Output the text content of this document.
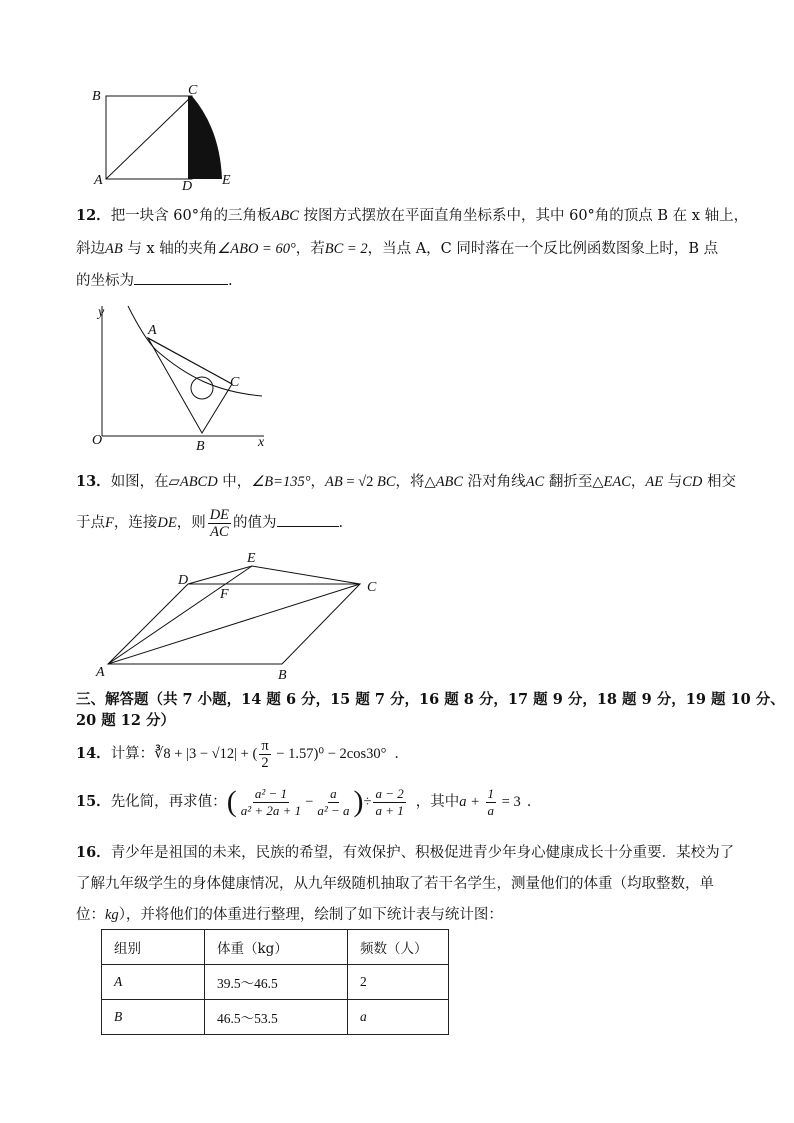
B	C
A	D E
12．把一块含 60°角的三角板ABC 按图方式摆放在平面直角坐标系中，其中 60°角的顶点 B 在 x 轴上，
斜边AB 与 x 轴的夹角∠ABO = 60°，若BC = 2，当点 A，C 同时落在一个反比例函数图象上时，B 点
的坐标为	.
y
A
C
O	B	x
13．如图，在▱ABCD 中，∠B=135°，AB = √2 BC，将△ABC 沿对角线AC 翻折至△EAC，AE 与CD 相交
于点F，连接DE，则 $\frac{DE}{AC}$ 的值为	．
E
D
F	C
A	B
三、解答题（共 7 小题，14 题 6 分，15 题 7 分，16 题 8 分，17 题 9 分，18 题 9 分，19 题 10 分、
20 题 12 分）
14．计算：∛8 + |3 − √12| + ( $\frac{\pi}{2} - 1.57)^0 - 2\cos 30^\circ$ ．
15．先化简，再求值：( $\frac{\text{a² − 1}}{\text{a² + 2a + 1}} - \frac{a}{\text{a² − a}}$ )÷ $\frac{a - 2}{a + 1}$ ，其中$a + \frac{1}{a} = 3$ ．
16．青少年是祖国的未来，民族的希望，有效保护、积极促进青少年身心健康成长十分重要．某校为了
了解九年级学生的身体健康情况，从九年级随机抽取了若干名学生，测量他们的体重（均取整数，单
位：kg），并将他们的体重进行整理，绘制了如下统计表与统计图：
组别	体重（kg）	频数（人）
A	39.5～46.5	2
B	46.5～53.5	a
